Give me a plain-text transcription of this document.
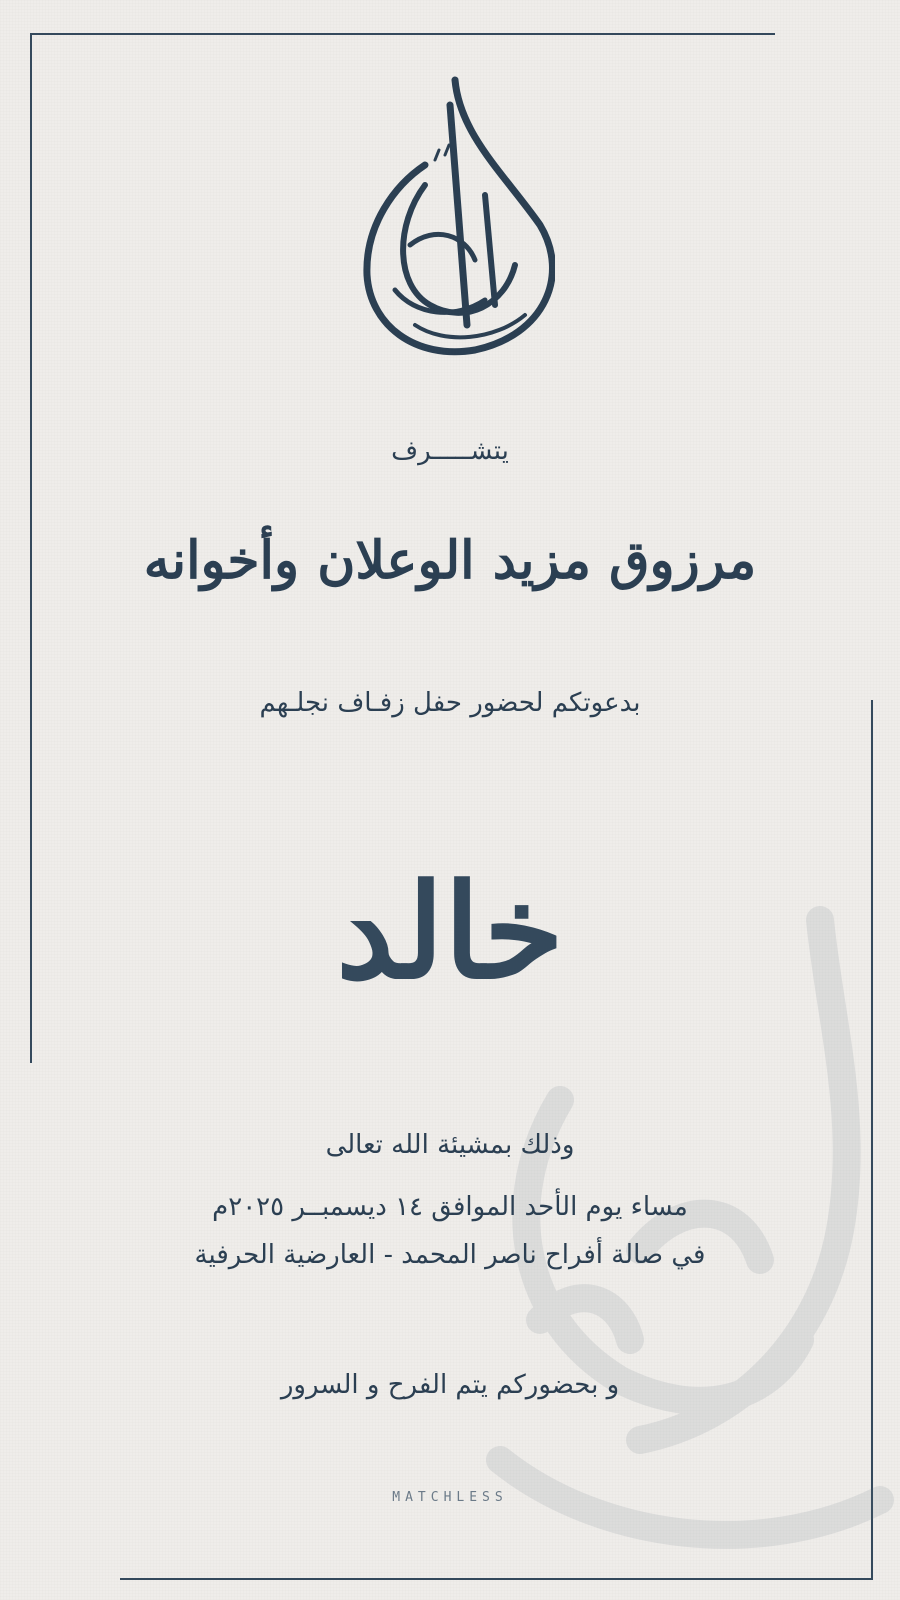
يتشـــــرف
مرزوق مزيد الوعلان وأخوانه
بدعوتكم لحضور حفل زفـاف نجلـهم
خالد
وذلك بمشيئة الله تعالى
مساء يوم الأحد الموافق ١٤ ديسمبــر ٢٠٢٥م
في صالة أفراح ناصر المحمد - العارضية الحرفية
و بحضوركم يتم الفرح و السرور
MATCHLESS
